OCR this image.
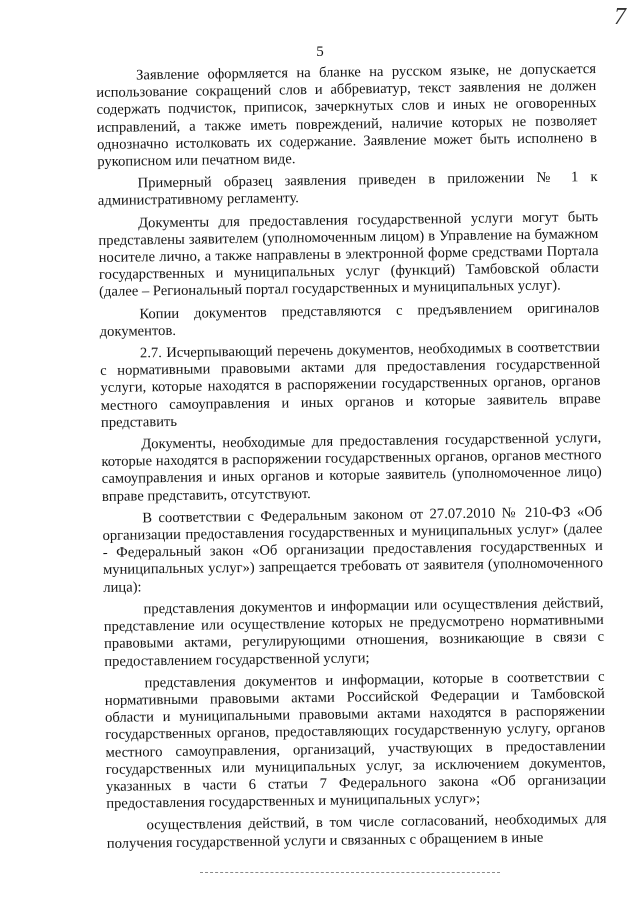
7
5

Заявление оформляется на бланке на русском языке, не допускается использование сокращений слов и аббревиатур, текст заявления не должен содержать подчисток, приписок, зачеркнутых слов и иных не оговоренных исправлений, а также иметь повреждений, наличие которых не позволяет однозначно истолковать их содержание. Заявление может быть исполнено в рукописном или печатном виде.

Примерный образец заявления приведен в приложении № 1 к административному регламенту.

Документы для предоставления государственной услуги могут быть представлены заявителем (уполномоченным лицом) в Управление на бумажном носителе лично, а также направлены в электронной форме средствами Портала государственных и муниципальных услуг (функций) Тамбовской области (далее – Региональный портал государственных и муниципальных услуг).

Копии документов представляются с предъявлением оригиналов документов.

2.7. Исчерпывающий перечень документов, необходимых в соответствии с нормативными правовыми актами для предоставления государственной услуги, которые находятся в распоряжении государственных органов, органов местного самоуправления и иных органов и которые заявитель вправе представить

Документы, необходимые для предоставления государственной услуги, которые находятся в распоряжении государственных органов, органов местного самоуправления и иных органов и которые заявитель (уполномоченное лицо) вправе представить, отсутствуют.

В соответствии с Федеральным законом от 27.07.2010 № 210-ФЗ «Об организации предоставления государственных и муниципальных услуг» (далее - Федеральный закон «Об организации предоставления государственных и муниципальных услуг») запрещается требовать от заявителя (уполномоченного лица):

представления документов и информации или осуществления действий, представление или осуществление которых не предусмотрено нормативными правовыми актами, регулирующими отношения, возникающие в связи с предоставлением государственной услуги;

представления документов и информации, которые в соответствии с нормативными правовыми актами Российской Федерации и Тамбовской области и муниципальными правовыми актами находятся в распоряжении государственных органов, предоставляющих государственную услугу, органов местного самоуправления, организаций, участвующих в предоставлении государственных или муниципальных услуг, за исключением документов, указанных в части 6 статьи 7 Федерального закона «Об организации предоставления государственных и муниципальных услуг»;

осуществления действий, в том числе согласований, необходимых для получения государственной услуги и связанных с обращением в иные
